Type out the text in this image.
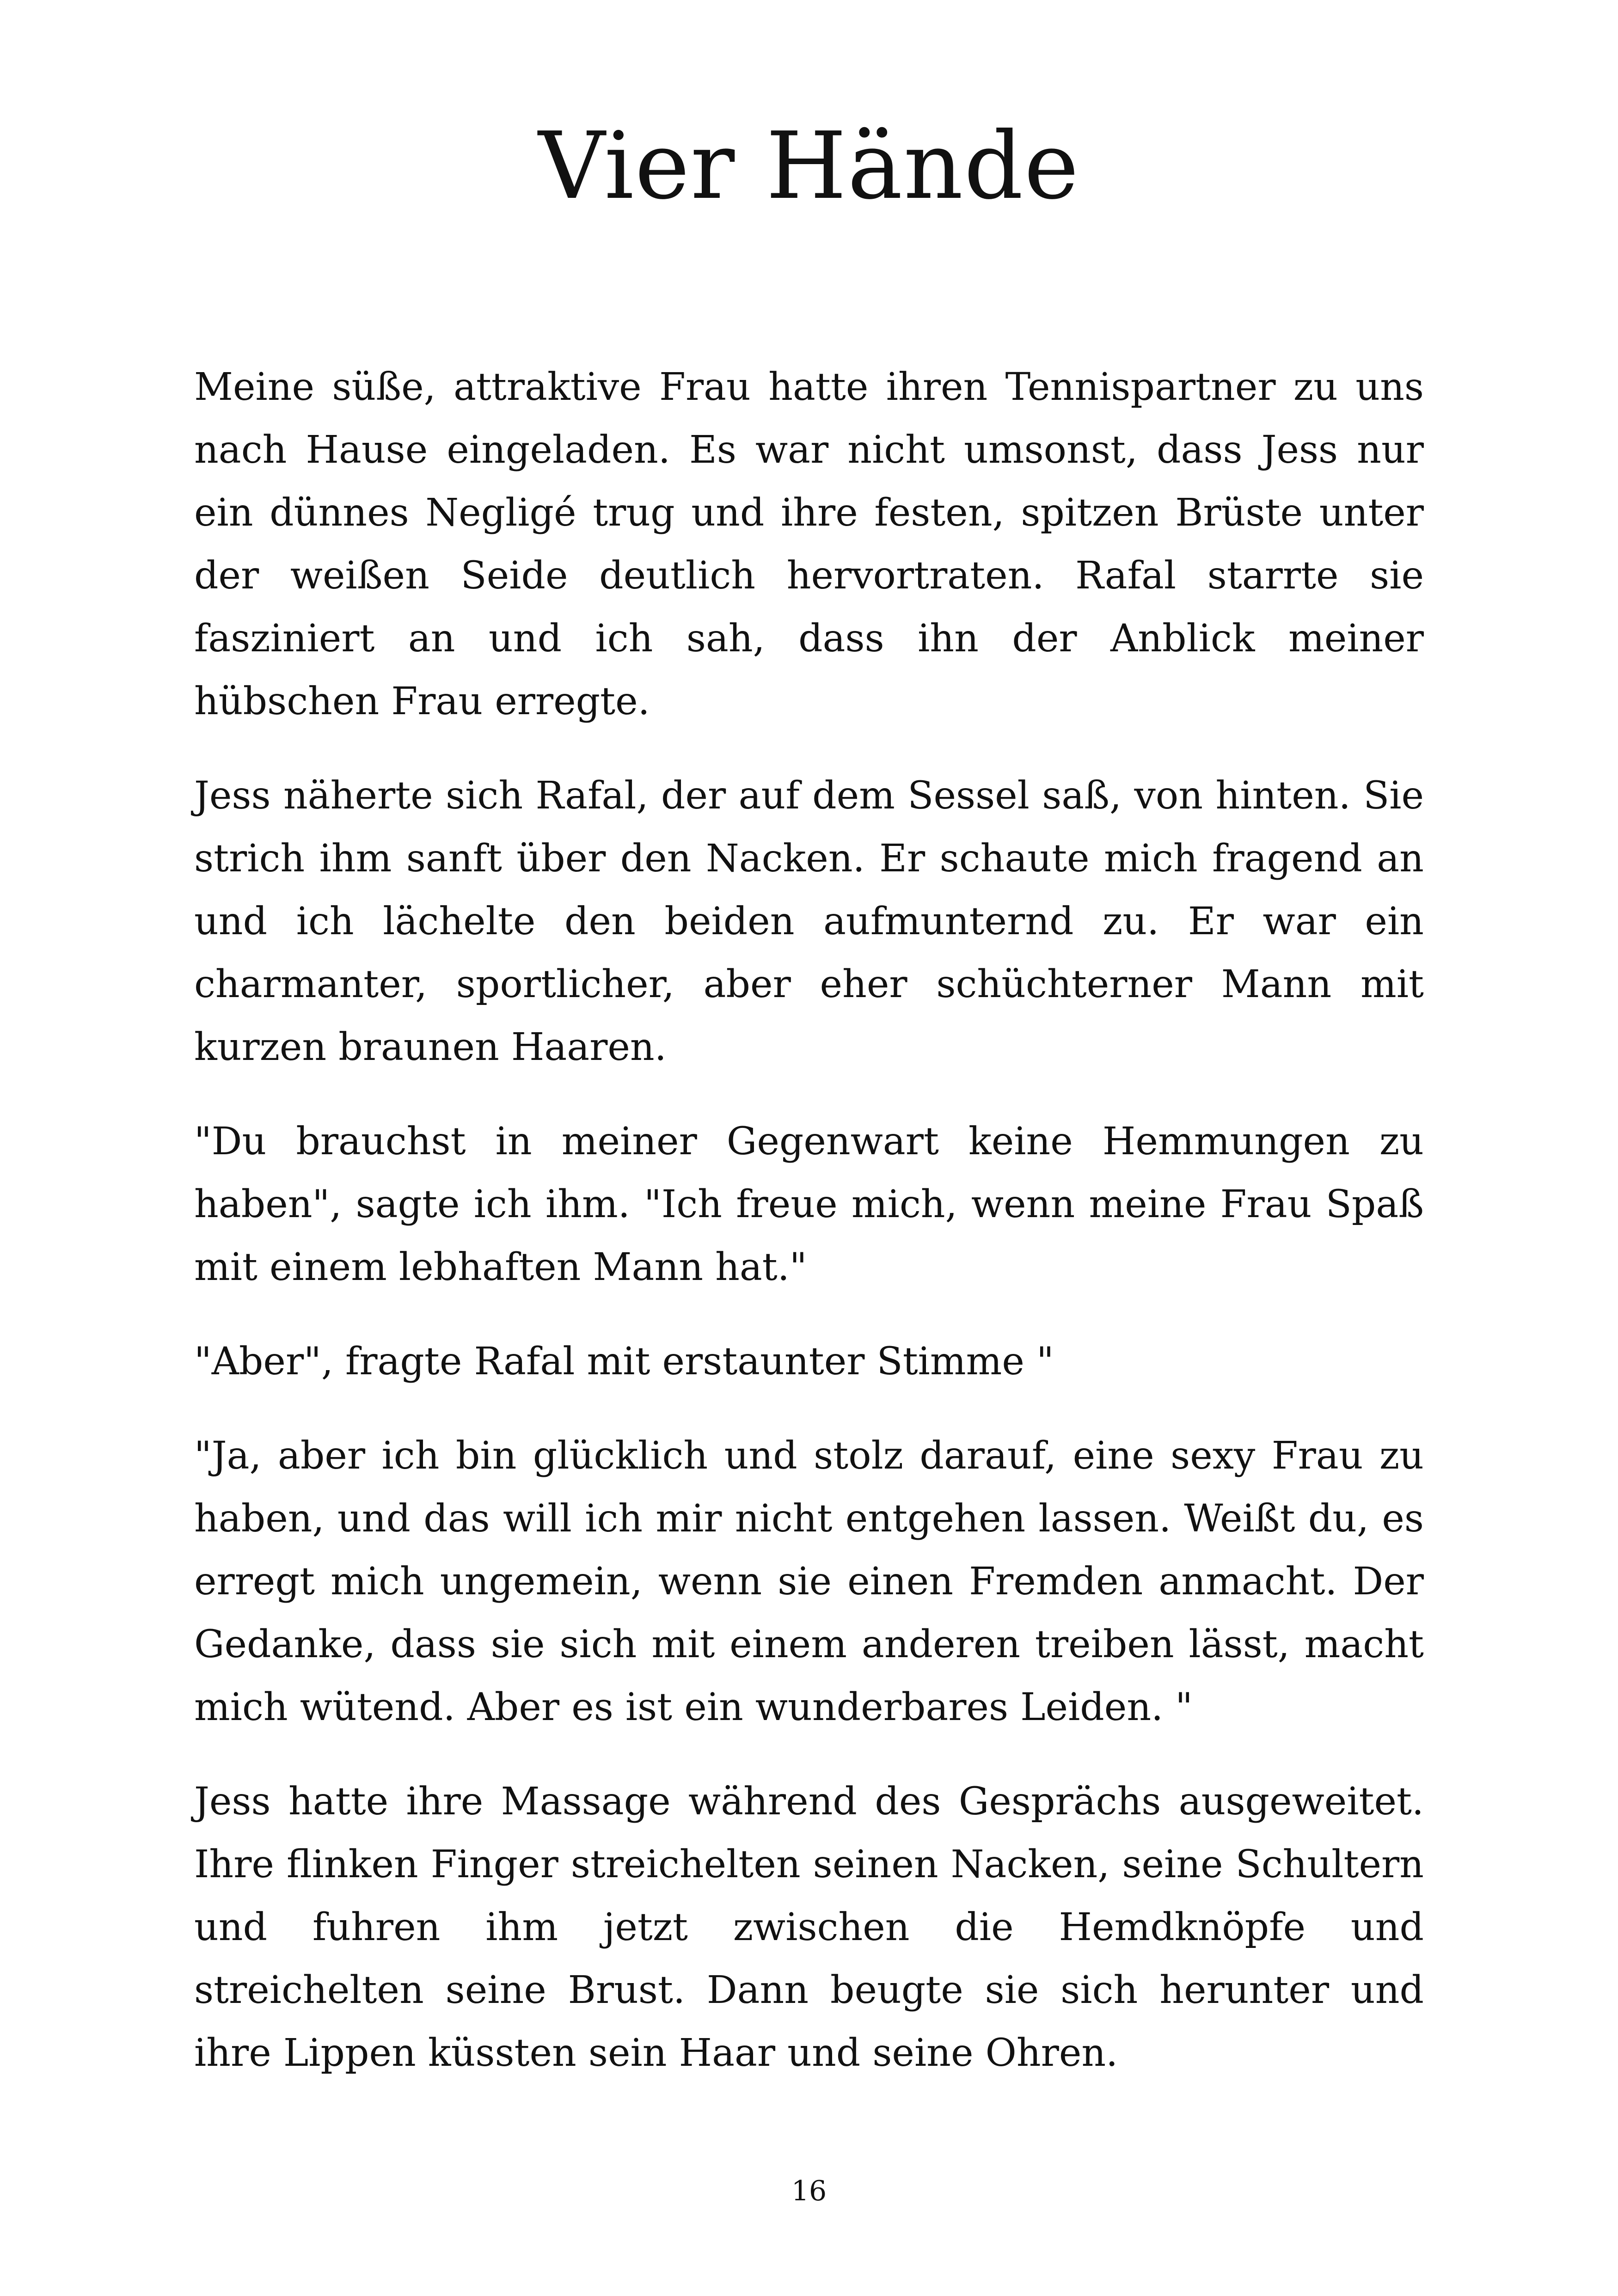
Vier Hände

Meine süße, attraktive Frau hatte ihren Tennispartner zu uns nach Hause eingeladen. Es war nicht umsonst, dass Jess nur ein dünnes Negligé trug und ihre festen, spitzen Brüste unter der weißen Seide deutlich hervortraten. Rafal starrte sie fasziniert an und ich sah, dass ihn der Anblick meiner hübschen Frau erregte.

Jess näherte sich Rafal, der auf dem Sessel saß, von hinten. Sie strich ihm sanft über den Nacken. Er schaute mich fragend an und ich lächelte den beiden aufmunternd zu. Er war ein charmanter, sportlicher, aber eher schüchterner Mann mit kurzen braunen Haaren.

"Du brauchst in meiner Gegenwart keine Hemmungen zu haben", sagte ich ihm. "Ich freue mich, wenn meine Frau Spaß mit einem lebhaften Mann hat."

"Aber", fragte Rafal mit erstaunter Stimme "

"Ja, aber ich bin glücklich und stolz darauf, eine sexy Frau zu haben, und das will ich mir nicht entgehen lassen. Weißt du, es erregt mich ungemein, wenn sie einen Fremden anmacht. Der Gedanke, dass sie sich mit einem anderen treiben lässt, macht mich wütend. Aber es ist ein wunderbares Leiden. "

Jess hatte ihre Massage während des Gesprächs ausgeweitet. Ihre flinken Finger streichelten seinen Nacken, seine Schultern und fuhren ihm jetzt zwischen die Hemdknöpfe und streichelten seine Brust. Dann beugte sie sich herunter und ihre Lippen küssten sein Haar und seine Ohren.

16
